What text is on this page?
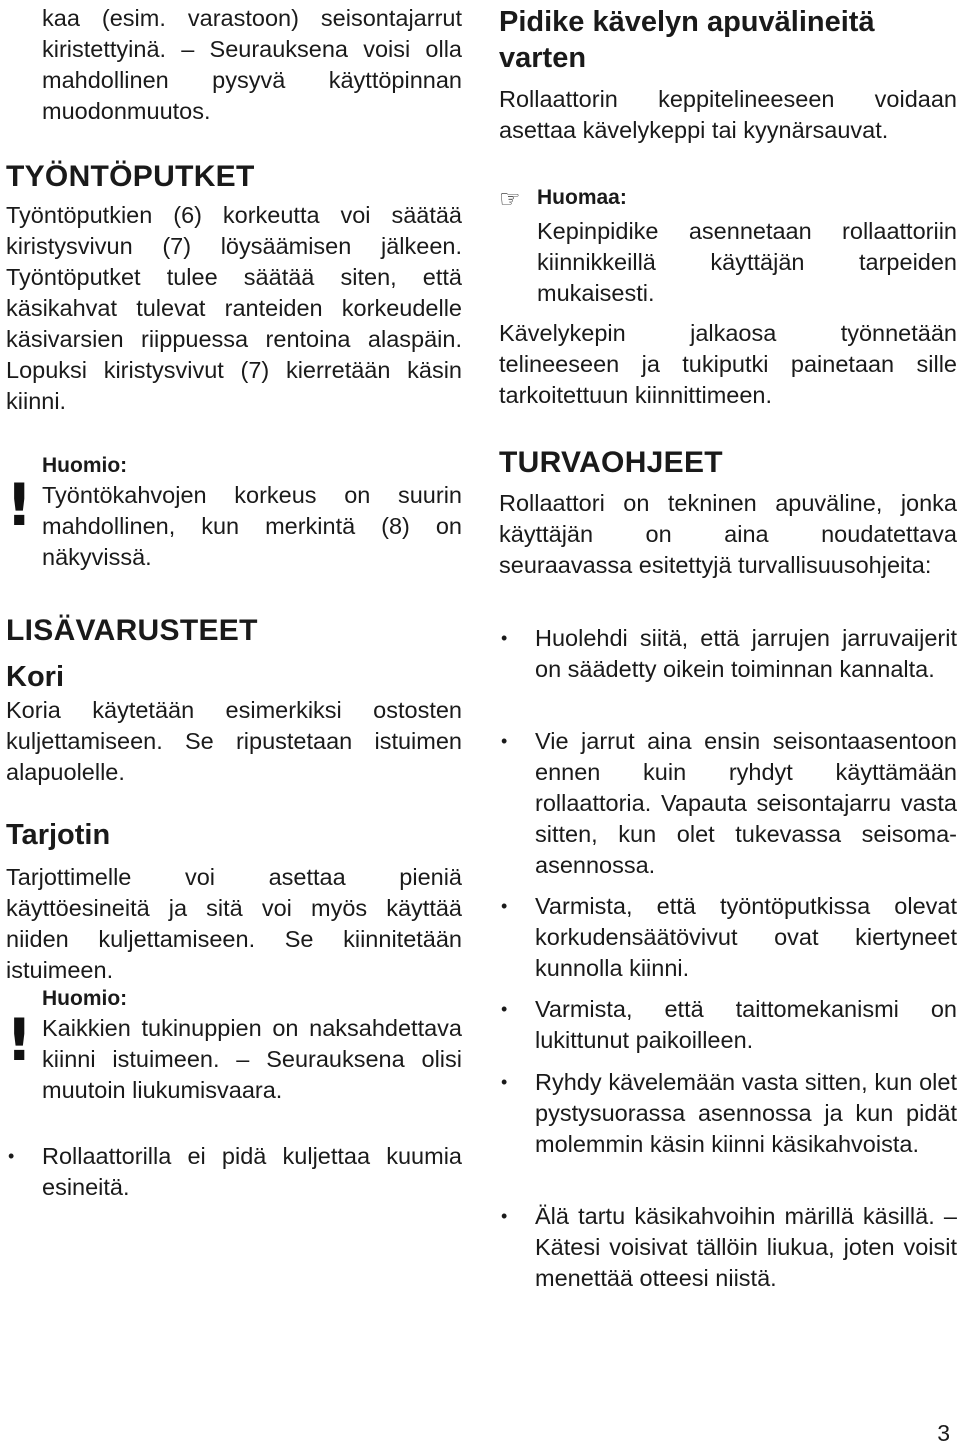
kaa (esim. varastoon) seisontajarrut kiristettyinä. – Seurauksena voisi olla mahdollinen pysyvä käyttöpinnan muodonmuutos.

TYÖNTÖPUTKET

Työntöputkien (6) korkeutta voi säätää kiristysvivun (7) löysäämisen jälkeen. Työntöputket tulee säätää siten, että käsikahvat tulevat ranteiden korkeudelle käsivarsien riippuessa rentoina alaspäin. Lopuksi kiristysvivut (7) kierretään käsin kiinni.

!
Huomio:
Työntökahvojen korkeus on suurin mahdollinen, kun merkintä (8) on näkyvissä.
LISÄVARUSTEET
Kori

Koria käytetään esimerkiksi ostosten kuljettamiseen. Se ripustetaan istuimen alapuolelle.

Tarjotin

Tarjottimelle voi asettaa pieniä käyttöesineitä ja sitä voi myös käyttää niiden kuljettamiseen. Se kiinnitetään istuimeen.

!
Huomio:
Kaikkien tukinuppien on naksahdettava kiinni istuimeen. – Seurauksena olisi muutoin liukumisvaara.
• Rollaattorilla ei pidä kuljettaa kuumia esineitä.
Pidike kävelyn apuvälineitä varten

Rollaattorin keppitelineeseen voidaan asettaa kävelykeppi tai kyynärsauvat.

☞ Huomaa:
Kepinpidike asennetaan rollaattoriin kiinnikkeillä käyttäjän tarpeiden mukaisesti.

Kävelykepin jalkaosa työnnetään telineeseen ja tukiputki painetaan sille tarkoitettuun kiinnittimeen.

TURVAOHJEET

Rollaattori on tekninen apuväline, jonka käyttäjän on aina noudatettava seuraavassa esitettyjä turvallisuusohjeita:

• Huolehdi siitä, että jarrujen jarruvaijerit on säädetty oikein toiminnan kannalta.
• Vie jarrut aina ensin seisontaasentoon ennen kuin ryhdyt käyttämään rollaattoria. Vapauta seisontajarru vasta sitten, kun olet tukevassa seisoma-asennossa.
• Varmista, että työntöputkissa olevat korkudensäätövivut ovat kiertyneet kunnolla kiinni.
• Varmista, että taittomekanismi on lukittunut paikoilleen.
• Ryhdy kävelemään vasta sitten, kun olet pystysuorassa asennossa ja kun pidät molemmin käsin kiinni käsikahvoista.
• Älä tartu käsikahvoihin märillä käsillä. – Kätesi voisivat tällöin liukua, joten voisit menettää otteesi niistä.
3
